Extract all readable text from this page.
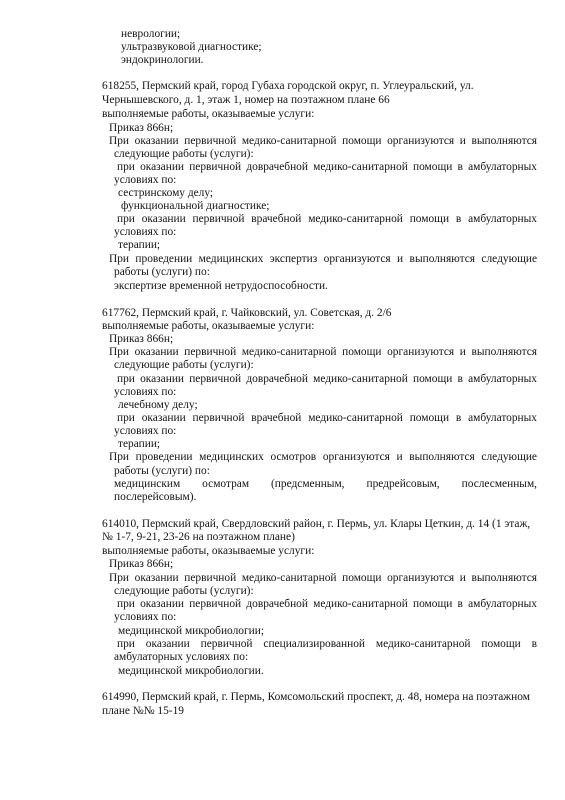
неврологии;
ультразвуковой диагностике;
эндокринологии.
618255, Пермский край, город Губаха городской округ, п. Углеуральский, ул.
Чернышевского, д. 1, этаж 1, номер на поэтажном плане 66
выполняемые работы, оказываемые услуги:
Приказ 866н;
При оказании первичной медико-санитарной помощи организуются и выполняются
следующие работы (услуги):
при оказании первичной доврачебной медико-санитарной помощи в амбулаторных
условиях по:
сестринскому делу;
функциональной диагностике;
при оказании первичной врачебной медико-санитарной помощи в амбулаторных
условиях по:
терапии;
При проведении медицинских экспертиз организуются и выполняются следующие
работы (услуги) по:
экспертизе временной нетрудоспособности.
617762, Пермский край, г. Чайковский, ул. Советская, д. 2/6
выполняемые работы, оказываемые услуги:
Приказ 866н;
При оказании первичной медико-санитарной помощи организуются и выполняются
следующие работы (услуги):
при оказании первичной доврачебной медико-санитарной помощи в амбулаторных
условиях по:
лечебному делу;
при оказании первичной врачебной медико-санитарной помощи в амбулаторных
условиях по:
терапии;
При проведении медицинских осмотров организуются и выполняются следующие
работы (услуги) по:
медицинским осмотрам (предсменным, предрейсовым, послесменным,
послерейсовым).
614010, Пермский край, Свердловский район, г. Пермь, ул. Клары Цеткин, д. 14 (1 этаж,
№ 1-7, 9-21, 23-26 на поэтажном плане)
выполняемые работы, оказываемые услуги:
Приказ 866н;
При оказании первичной медико-санитарной помощи организуются и выполняются
следующие работы (услуги):
при оказании первичной доврачебной медико-санитарной помощи в амбулаторных
условиях по:
медицинской микробиологии;
при оказании первичной специализированной медико-санитарной помощи в
амбулаторных условиях по:
медицинской микробиологии.
614990, Пермский край, г. Пермь, Комсомольский проспект, д. 48, номера на поэтажном
плане №№ 15-19
